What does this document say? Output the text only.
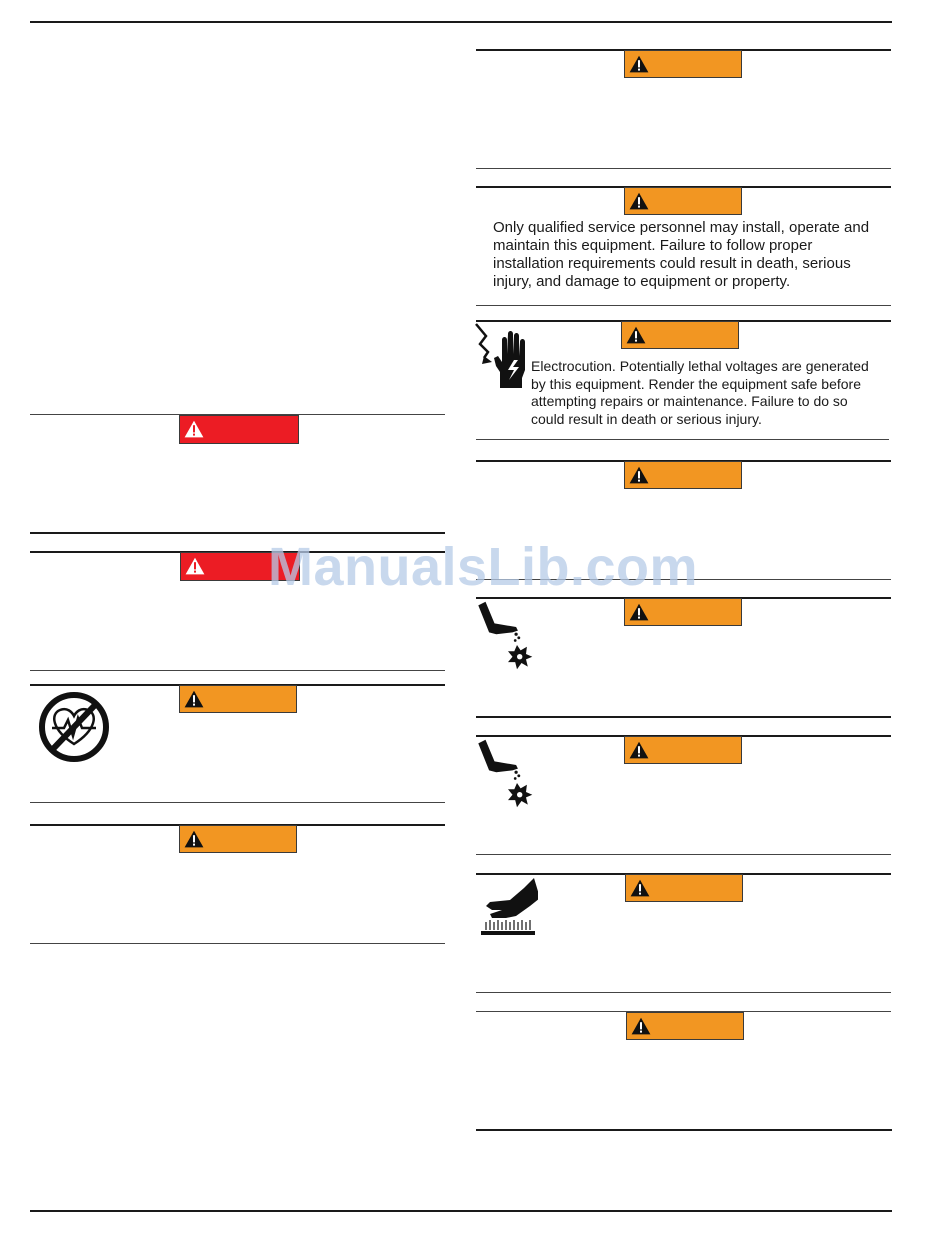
Only qualified service personnel may install, operate and maintain this equipment. Failure to follow proper installation requirements could result in death, serious injury, and damage to equipment or property.

Electrocution. Potentially lethal voltages are generated by this equipment. Render the equipment safe before attempting repairs or maintenance. Failure to do so could result in death or serious injury.

ManualsLib.com
